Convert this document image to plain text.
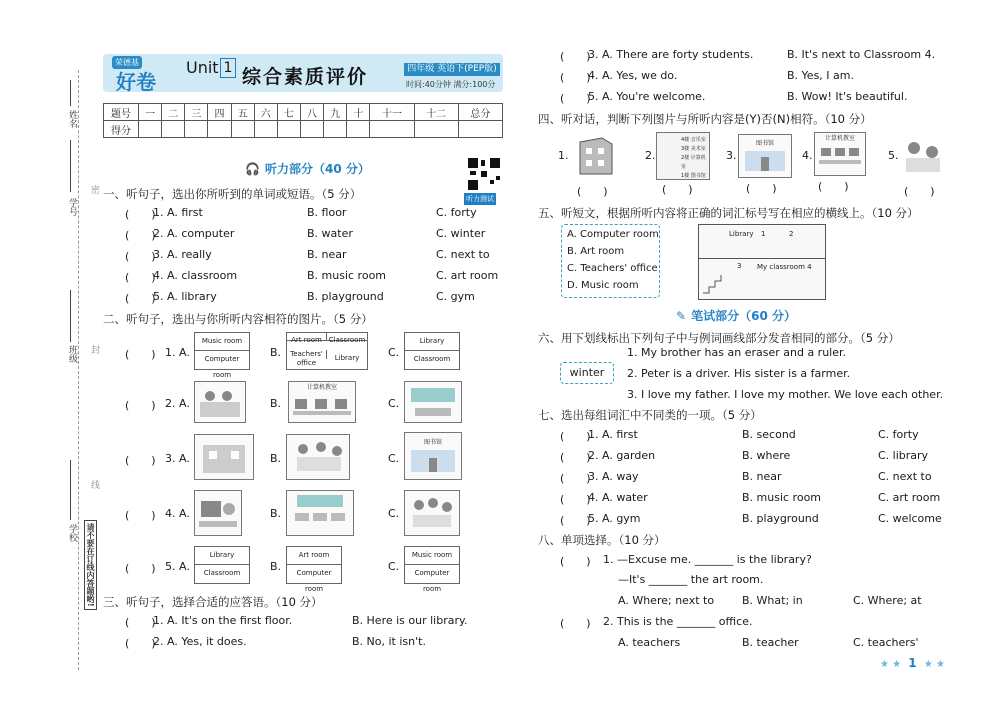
姓名
学号
班级
学校
密
封
线
请不要在订线内答题哟!
荣德基
好卷
Unit 1 综合素质评价	四年级 英语下(PEP版)
时间:40分钟 满分:100分
题号	一	二	三	四	五	六	七	八	九	十	十一	十二	总分
得分													
🎧 听力部分（40 分）
听力测试
一、听句子，选出你所听到的单词或短语。（5 分）
(　　)
1. A. first	B. floor	C. forty
(　　)
2. A. computer	B. water	C. winter
(　　)
3. A. really	B. near	C. next to
(　　)
4. A. classroom	B. music room	C. art room
(　　)
5. A. library	B. playground	C. gym
二、听句子，选出与你所听内容相符的图片。（5 分）
(　　) 1. A.
Music room
Computer room
B.
Art room Classroom
Teachers' office
Library	C.
Library
Classroom
(　　) 2. A.	B.
计算机教室
C.
(　　) 3. A.	B.	C.
图书馆
(　　) 4. A.	B.	C.
(　　) 5. A.
Library
Classroom	B.
Art room
Computer room
C.
Music room
Computer room
三、听句子，选择合适的应答语。（10 分）
(　　)
1. A. It's on the first floor.	B. Here is our library.
(　　)
2. A. Yes, it does.	B. No, it isn't.
(　　)
3. A. There are forty students.	B. It's next to Classroom 4.
(　　)
4. A. Yes, we do.	B. Yes, I am.
(　　)
5. A. You're welcome.	B. Wow! It's beautiful.
四、听对话，判断下列图片与所听内容是(Y)否(N)相符。（10 分）
1.
(　　)
2.
4楼 音乐室
3楼 美术室
2楼 计算机室
1楼 图书馆
(　　)
3.
图书馆
(　　)
4.
计算机教室
(　　)
5.
(　　)
五、听短文，根据所听内容将正确的词汇标号写在相应的横线上。（10 分）
A. Computer room
B. Art room
C. Teachers' office
D. Music room
Library 1	2
3 My classroom 4
✎ 笔试部分（60 分）
六、用下划线标出下列句子中与例词画线部分发音相同的部分。（5 分）
winter
1. My brother has an eraser and a ruler.
2. Peter is a driver. His sister is a farmer.
3. I love my father. I love my mother. We love each other.
七、选出每组词汇中不同类的一项。（5 分）
(　　)
1. A. first	B. second	C. forty
(　　)
2. A. garden	B. where	C. library
(　　)
3. A. way	B. near	C. next to
(　　)
4. A. water	B. music room	C. art room
(　　)
5. A. gym	B. playground	C. welcome
八、单项选择。（10 分）
(　　) 1. —Excuse me. _______ is the library?
—It's _______ the art room.
A. Where; next to	B. What; in	C. Where; at
(　　) 2. This is the _______ office.
A. teachers	B. teacher	C. teachers'
★ ★ 1 ★ ★
